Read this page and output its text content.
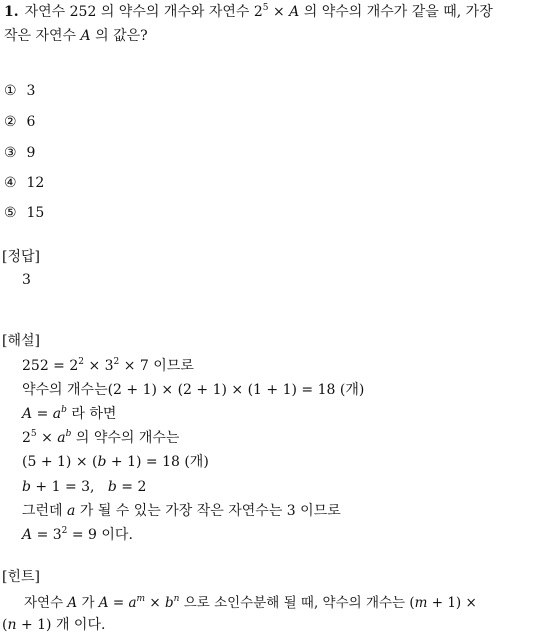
1. 자연수 252 의 약수의 개수와 자연수 $2^5 \times A$ 의 약수의 개수가 같을 때, 가장
작은 자연수 A 의 값은?
① 3
② 6
③ 9
④ 12
⑤ 15
[정답]
3
[해설]
$252 = 2^2 \times 3^2 \times 7$ 이므로
약수의 개수는(2 + 1) × (2 + 1) × (1 + 1) = 18 (개)
$A = a^b$ 라 하면
$2^5 \times a^b$ 의 약수의 개수는
(5 + 1) × (b + 1) = 18 (개)
b + 1 = 3,   b = 2
그런데 a 가 될 수 있는 가장 작은 자연수는 3 이므로
$A = 3^2 = 9$ 이다.
[힌트]
자연수 A 가 $A = a^m \times b^n$ 으로 소인수분해 될 때, 약수의 개수는 (m + 1) ×
(n + 1) 개 이다.
